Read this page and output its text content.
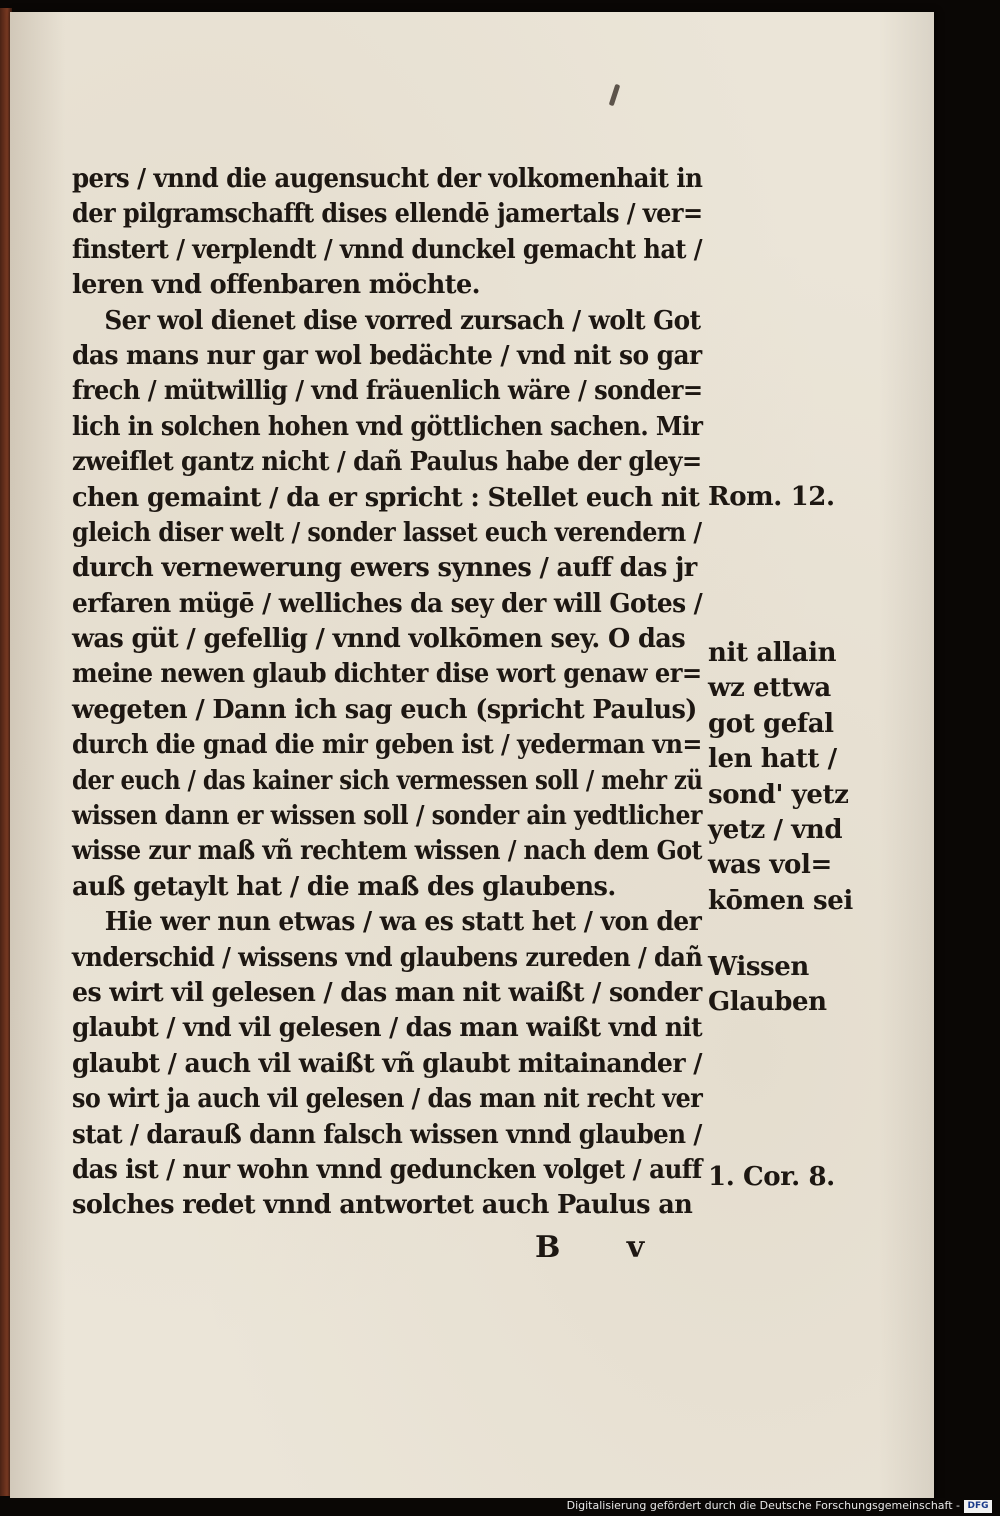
pers / vnnd die augensucht der volkomenhait in
der pilgramschafft dises ellendē jamertals / ver=
finstert / verplendt / vnnd dunckel gemacht hat /
leren vnd offenbaren möchte.
Ser wol dienet dise vorred zursach / wolt Got
das mans nur gar wol bedächte / vnd nit so gar
frech / mütwillig / vnd fräuenlich wäre / sonder=
lich in solchen hohen vnd göttlichen sachen. Mir
zweiflet gantz nicht / dañ Paulus habe der gley=
chen gemaint / da er spricht : Stellet euch nit
gleich diser welt / sonder lasset euch verendern /
durch vernewerung ewers synnes / auff das jr
erfaren mügē / welliches da sey der will Gotes /
was güt / gefellig / vnnd volkōmen sey. O das
meine newen glaub dichter dise wort genaw er=
wegeten / Dann ich sag euch (spricht Paulus)
durch die gnad die mir geben ist / yederman vn=
der euch / das kainer sich vermessen soll / mehr zü
wissen dann er wissen soll / sonder ain yedtlicher
wisse zur maß vñ rechtem wissen / nach dem Got
auß getaylt hat / die maß des glaubens.
Hie wer nun etwas / wa es statt het / von der
vnderschid / wissens vnd glaubens zureden / dañ
es wirt vil gelesen / das man nit waißt / sonder
glaubt / vnd vil gelesen / das man waißt vnd nit
glaubt / auch vil waißt vñ glaubt mitainander /
so wirt ja auch vil gelesen / das man nit recht ver
stat / darauß dann falsch wissen vnnd glauben /
das ist / nur wohn vnnd geduncken volget / auff
solches redet vnnd antwortet auch Paulus an
Rom. 12.
nit allain
wz ettwa
got gefal
len hatt /
sond' yetz
yetz / vnd
was vol=
kōmen sei
Wissen
Glauben
1. Cor. 8.
B v
Digitalisierung gefördert durch die Deutsche Forschungsgemeinschaft - DFG
